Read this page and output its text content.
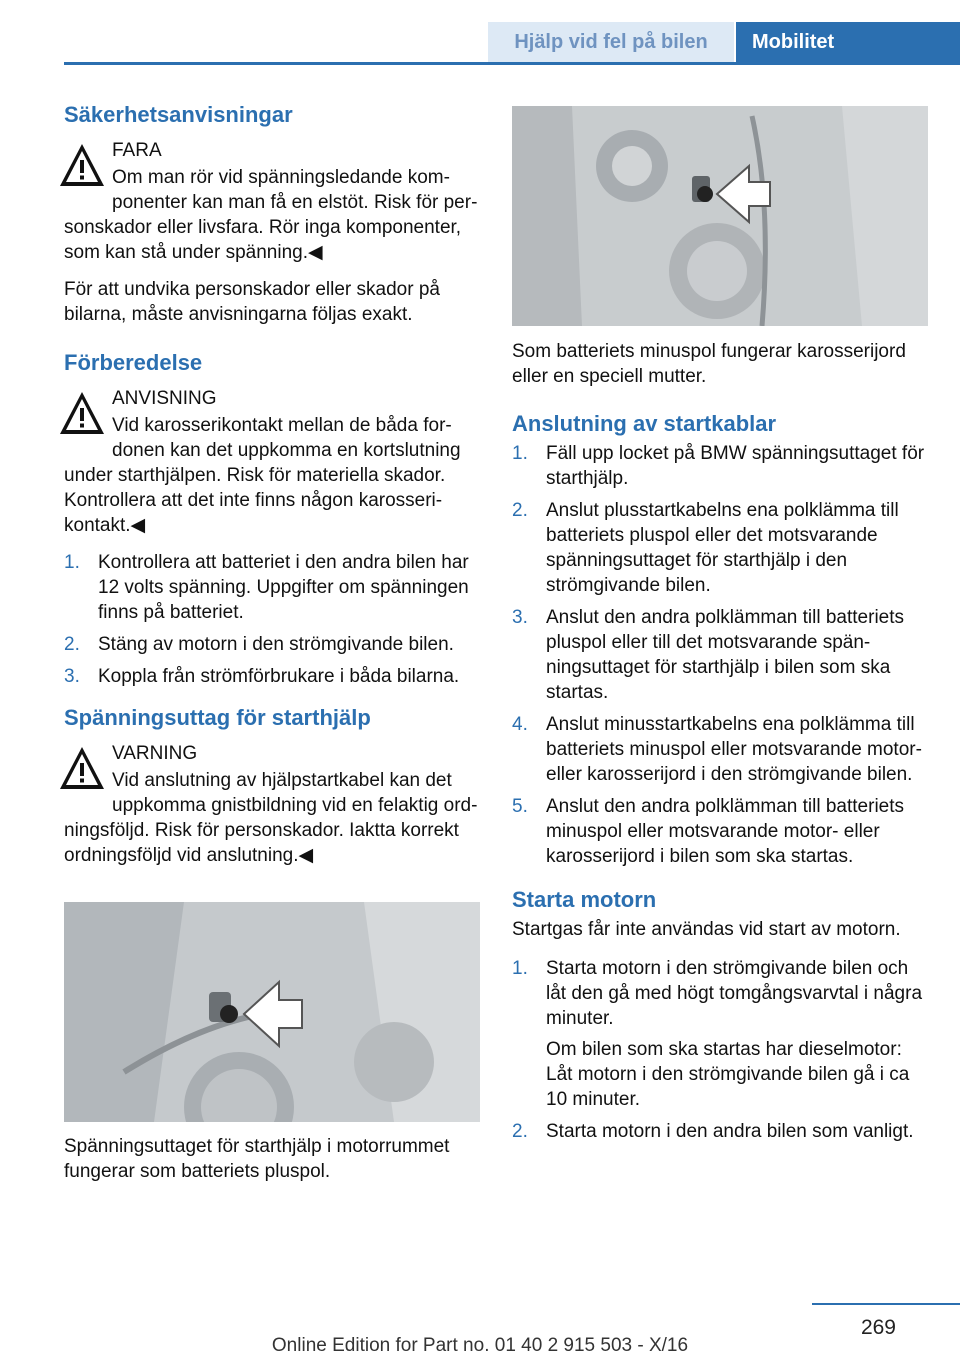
Hjälp vid fel på bilen	Mobilitet
Säkerhetsanvisningar
FARA

Om man rör vid spänningsledande komponenter kan man få en elstöt. Risk för personskador eller livsfara. Rör inga komponenter, som kan stå under spänning.◀

För att undvika personskador eller skador på bilarna, måste anvisningarna följas exakt.

Förberedelse
ANVISNING

Vid karosserikontakt mellan de båda fordonen kan det uppkomma en kortslutning under starthjälpen. Risk för materiella skador. Kontrollera att det inte finns någon karosserikontakt.◀

1. Kontrollera att batteriet i den andra bilen har 12 volts spänning. Uppgifter om spänningen finns på batteriet.
2. Stäng av motorn i den strömgivande bilen.
3. Koppla från strömförbrukare i båda bilarna.
Spänningsuttag för starthjälp
VARNING

Vid anslutning av hjälpstartkabel kan det uppkomma gnistbildning vid en felaktig ordningsföljd. Risk för personskador. Iaktta korrekt ordningsföljd vid anslutning.◀

Spänningsuttaget för starthjälp i motorrummet fungerar som batteriets pluspol.

Som batteriets minuspol fungerar karosserijord eller en speciell mutter.

Anslutning av startkablar
1. Fäll upp locket på BMW spänningsuttaget för starthjälp.
2. Anslut plusstartkabelns ena polklämma till batteriets pluspol eller det motsvarande spänningsuttaget för starthjälp i den strömgivande bilen.
3. Anslut den andra polklämman till batteriets pluspol eller till det motsvarande spänningsuttaget för starthjälp i bilen som ska startas.
4. Anslut minusstartkabelns ena polklämma till batteriets minuspol eller motsvarande motor- eller karosserijord i den strömgivande bilen.
5. Anslut den andra polklämman till batteriets minuspol eller motsvarande motor- eller karosserijord i bilen som ska startas.
Starta motorn

Startgas får inte användas vid start av motorn.

1. Starta motorn i den strömgivande bilen och låt den gå med högt tomgångsvarvtal i några minuter.

Om bilen som ska startas har dieselmotor: Låt motorn i den strömgivande bilen gå i ca 10 minuter.

2. Starta motorn i den andra bilen som vanligt.
269
Online Edition for Part no. 01 40 2 915 503 - X/16
